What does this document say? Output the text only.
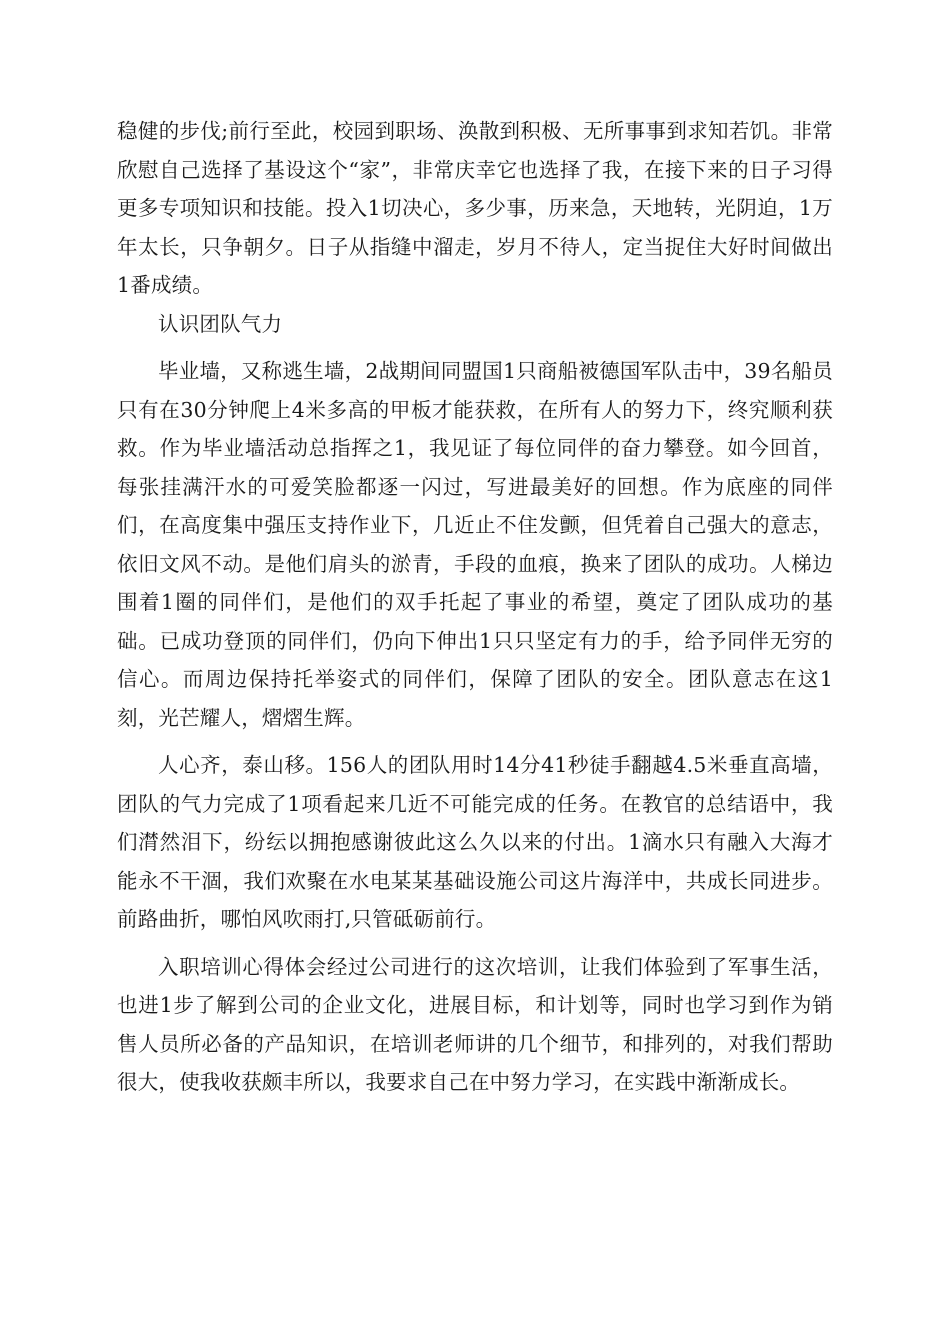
稳健的步伐;前行至此，校园到职场、涣散到积极、无所事事到求知若饥。非常欣慰自己选择了基设这个“家”，非常庆幸它也选择了我，在接下来的日子习得更多专项知识和技能。投入1切决心，多少事，历来急，天地转，光阴迫，1万年太长，只争朝夕。日子从指缝中溜走，岁月不待人，定当捉住大好时间做出1番成绩。

认识团队气力

毕业墙，又称逃生墙，2战期间同盟国1只商船被德国军队击中，39名船员只有在30分钟爬上4米多高的甲板才能获救，在所有人的努力下，终究顺利获救。作为毕业墙活动总指挥之1，我见证了每位同伴的奋力攀登。如今回首，每张挂满汗水的可爱笑脸都逐一闪过，写进最美好的回想。作为底座的同伴们，在高度集中强压支持作业下，几近止不住发颤，但凭着自己强大的意志，依旧文风不动。是他们肩头的淤青，手段的血痕，换来了团队的成功。人梯边围着1圈的同伴们，是他们的双手托起了事业的希望，奠定了团队成功的基础。已成功登顶的同伴们，仍向下伸出1只只坚定有力的手，给予同伴无穷的信心。而周边保持托举姿式的同伴们，保障了团队的安全。团队意志在这1刻，光芒耀人，熠熠生辉。

人心齐，泰山移。156人的团队用时14分41秒徒手翻越4.5米垂直高墙，团队的气力完成了1项看起来几近不可能完成的任务。在教官的总结语中，我们潸然泪下，纷纭以拥抱感谢彼此这么久以来的付出。1滴水只有融入大海才能永不干涸，我们欢聚在水电某某基础设施公司这片海洋中，共成长同进步。前路曲折，哪怕风吹雨打,只管砥砺前行。

入职培训心得体会经过公司进行的这次培训，让我们体验到了军事生活，也进1步了解到公司的企业文化，进展目标，和计划等，同时也学习到作为销售人员所必备的产品知识，在培训老师讲的几个细节，和排列的，对我们帮助很大，使我收获颇丰所以，我要求自己在中努力学习，在实践中渐渐成长。
